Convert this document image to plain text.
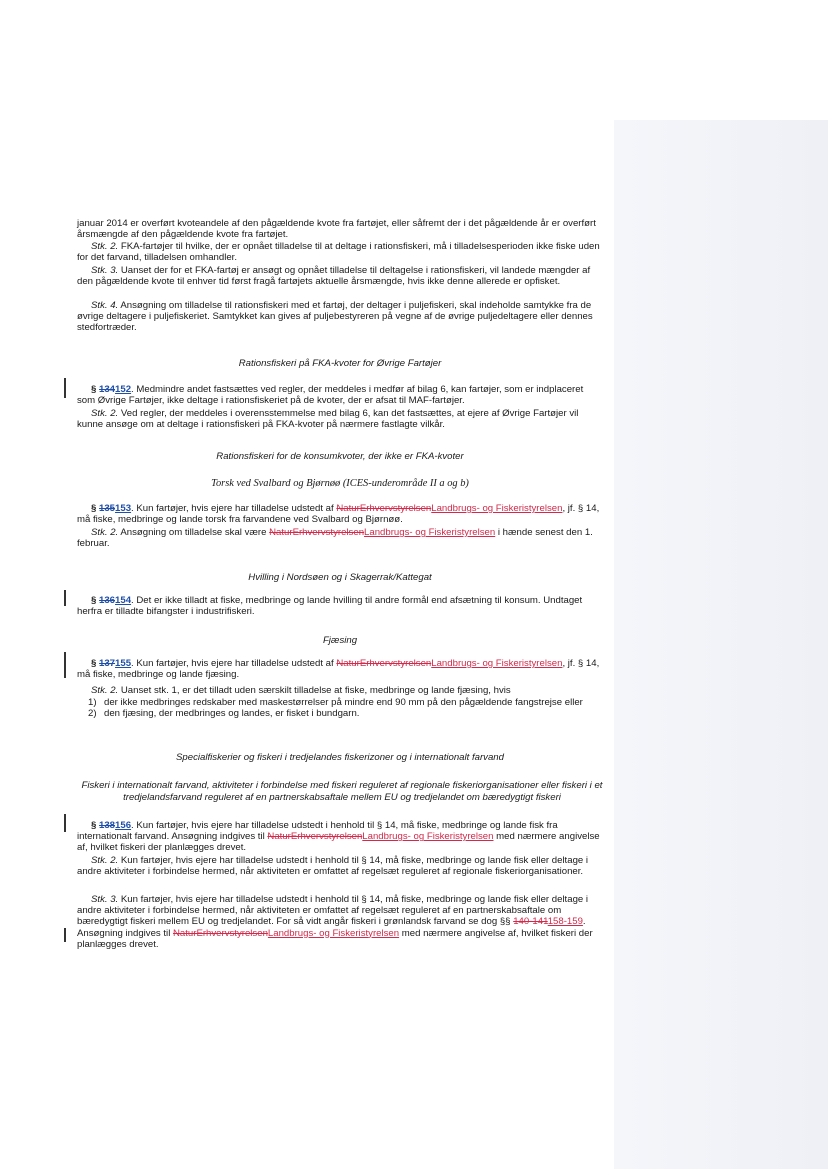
januar 2014 er overført kvoteandele af den pågældende kvote fra fartøjet, eller såfremt der i det pågældende år er overført årsmængde af den pågældende kvote fra fartøjet.

Stk. 2. FKA-fartøjer til hvilke, der er opnået tilladelse til at deltage i rationsfiskeri, må i tilladelsesperioden ikke fiske uden for det farvand, tilladelsen omhandler.

Stk. 3. Uanset der for et FKA-fartøj er ansøgt og opnået tilladelse til deltagelse i rationsfiskeri, vil landede mængder af den pågældende kvote til enhver tid først fragå fartøjets aktuelle årsmængde, hvis ikke denne allerede er opfisket.

Stk. 4. Ansøgning om tilladelse til rationsfiskeri med et fartøj, der deltager i puljefiskeri, skal indeholde samtykke fra de øvrige deltagere i puljefiskeriet. Samtykket kan gives af puljebestyreren på vegne af de øvrige puljedeltagere eller dennes stedfortræder.

Rationsfiskeri på FKA-kvoter for Øvrige Fartøjer

§ 134152. Medmindre andet fastsættes ved regler, der meddeles i medfør af bilag 6, kan fartøjer, som er indplaceret som Øvrige Fartøjer, ikke deltage i rationsfiskeriet på de kvoter, der er afsat til MAF-fartøjer.

Stk. 2. Ved regler, der meddeles i overensstemmelse med bilag 6, kan det fastsættes, at ejere af Øvrige Fartøjer vil kunne ansøge om at deltage i rationsfiskeri på FKA-kvoter på nærmere fastlagte vilkår.

Rationsfiskeri for de konsumkvoter, der ikke er FKA-kvoter

Torsk ved Svalbard og Bjørnøø (ICES-underområde II a og b)

§ 135153. Kun fartøjer, hvis ejere har tilladelse udstedt af NaturErhvervstyrelsenLandbrugs- og Fiskeristyrelsen, jf. § 14, må fiske, medbringe og lande torsk fra farvandene ved Svalbard og Bjørnøø.

Stk. 2. Ansøgning om tilladelse skal være NaturErhvervstyrelsenLandbrugs- og Fiskeristyrelsen i hænde senest den 1. februar.

Hvilling i Nordsøen og i Skagerrak/Kattegat

§ 136154. Det er ikke tilladt at fiske, medbringe og lande hvilling til andre formål end afsætning til konsum. Undtaget herfra er tilladte bifangster i industrifiskeri.

Fjæsing

§ 137155. Kun fartøjer, hvis ejere har tilladelse udstedt af NaturErhvervstyrelsenLandbrugs- og Fiskeristyrelsen, jf. § 14, må fiske, medbringe og lande fjæsing.

Stk. 2. Uanset stk. 1, er det tilladt uden særskilt tilladelse at fiske, medbringe og lande fjæsing, hvis

1) der ikke medbringes redskaber med maskestørrelser på mindre end 90 mm på den pågældende fangstrejse eller
2) den fjæsing, der medbringes og landes, er fisket i bundgarn.

Specialfiskerier og fiskeri i tredjelandes fiskerizoner og i internationalt farvand

Fiskeri i internationalt farvand, aktiviteter i forbindelse med fiskeri reguleret af regionale fiskeriorganisationer eller fiskeri i et tredjelandsfarvand reguleret af en partnerskabsaftale mellem EU og tredjelandet om bæredygtigt fiskeri

§ 138156. Kun fartøjer, hvis ejere har tilladelse udstedt i henhold til § 14, må fiske, medbringe og lande fisk fra internationalt farvand. Ansøgning indgives til NaturErhvervstyrelsenLandbrugs- og Fiskeristyrelsen med nærmere angivelse af, hvilket fiskeri der planlægges drevet.

Stk. 2. Kun fartøjer, hvis ejere har tilladelse udstedt i henhold til § 14, må fiske, medbringe og lande fisk eller deltage i andre aktiviteter i forbindelse hermed, når aktiviteten er omfattet af regelsæt reguleret af regionale fiskeriorganisationer.

Stk. 3. Kun fartøjer, hvis ejere har tilladelse udstedt i henhold til § 14, må fiske, medbringe og lande fisk eller deltage i andre aktiviteter i forbindelse hermed, når aktiviteten er omfattet af regelsæt reguleret af en partnerskabsaftale om bæredygtigt fiskeri mellem EU og tredjelandet. For så vidt angår fiskeri i grønlandsk farvand se dog §§ 140-141158-159. Ansøgning indgives til NaturErhvervstyrelsenLandbrugs- og Fiskeristyrelsen med nærmere angivelse af, hvilket fiskeri der planlægges drevet.
